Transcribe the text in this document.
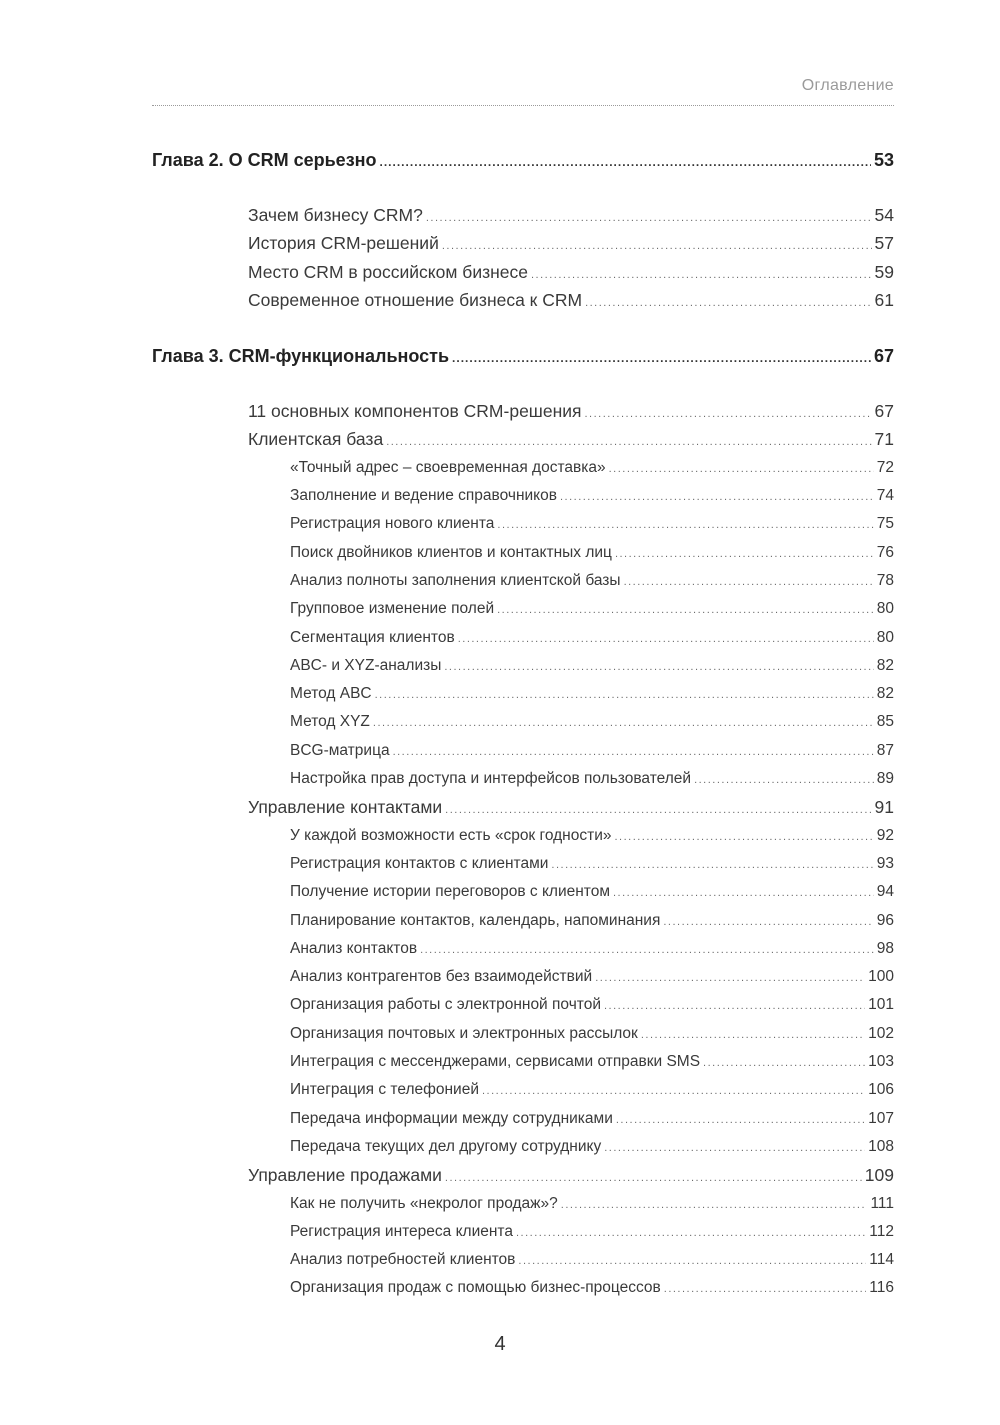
Оглавление
Глава 2. О CRM серьезно .....	53
Зачем бизнесу CRM? .....	54
История CRM-решений .....	57
Место CRM в российском бизнесе .....	59
Современное отношение бизнеса к CRM .....	61
Глава 3. CRM-функциональность .....	67
11 основных компонентов CRM-решения .....	67
Клиентская база .....	71
«Точный адрес – своевременная доставка» .....	72
Заполнение и ведение справочников .....	74
Регистрация нового клиента .....	75
Поиск двойников клиентов и контактных лиц .....	76
Анализ полноты заполнения клиентской базы .....	78
Групповое изменение полей .....	80
Сегментация клиентов .....	80
ABC- и XYZ-анализы .....	82
Метод ABC .....	82
Метод XYZ .....	85
BCG-матрица .....	87
Настройка прав доступа и интерфейсов пользователей .....	89
Управление контактами .....	91
У каждой возможности есть «срок годности» .....	92
Регистрация контактов с клиентами .....	93
Получение истории переговоров с клиентом .....	94
Планирование контактов, календарь, напоминания .....	96
Анализ контактов .....	98
Анализ контрагентов без взаимодействий .....	100
Организация работы с электронной почтой .....	101
Организация почтовых и электронных рассылок .....	102
Интеграция с мессенджерами, сервисами отправки SMS .....	103
Интеграция с телефонией .....	106
Передача информации между сотрудниками .....	107
Передача текущих дел другому сотруднику .....	108
Управление продажами .....	109
Как не получить «некролог продаж»? .....	111
Регистрация интереса клиента .....	112
Анализ потребностей клиентов .....	114
Организация продаж с помощью бизнес-процессов .....	116
4
